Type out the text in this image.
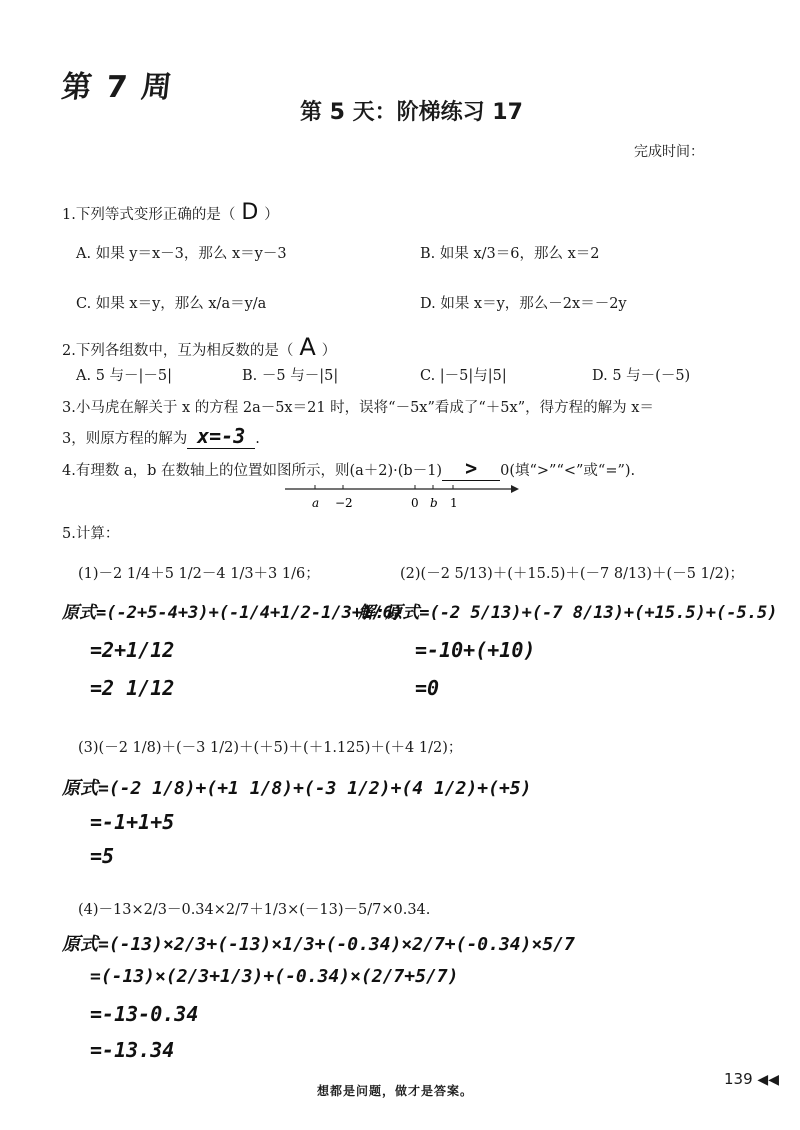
第 7 周
第 5 天：阶梯练习 17
完成时间：
1.下列等式变形正确的是（ D ）
A. 如果 y＝x－3，那么 x＝y－3	B. 如果 x/3＝6，那么 x＝2
C. 如果 x＝y，那么 x/a＝y/a	D. 如果 x＝y，那么－2x＝－2y
2.下列各组数中，互为相反数的是（ A ）
A. 5 与－|－5|	B. －5 与－|5|	C. |－5|与|5|	D. 5 与－(－5)
3.小马虎在解关于 x 的方程 2a－5x＝21 时，误将“－5x”看成了“＋5x”，得方程的解为 x＝
3，则原方程的解为 x=-3 .
4.有理数 a，b 在数轴上的位置如图所示，则(a＋2)·(b－1) > 0(填“>”“<”或“=”).
a −2	0 b 1
5.计算：
(1)－2 1/4＋5 1/2－4 1/3＋3 1/6；	(2)(－2 5/13)＋(＋15.5)＋(－7 8/13)＋(－5 1/2)；
原式=(-2+5-4+3)+(-1/4+1/2-1/3+1/6)
=2+1/12
=2 1/12
解:原式=(-2 5/13)+(-7 8/13)+(+15.5)+(-5.5)
=-10+(+10)
=0
(3)(－2 1/8)＋(－3 1/2)＋(＋5)＋(＋1.125)＋(＋4 1/2)；
原式=(-2 1/8)+(+1 1/8)+(-3 1/2)+(4 1/2)+(+5)
=-1+1+5
=5
(4)－13×2/3－0.34×2/7＋1/3×(－13)－5/7×0.34.
原式=(-13)×2/3+(-13)×1/3+(-0.34)×2/7+(-0.34)×5/7
=(-13)×(2/3+1/3)+(-0.34)×(2/7+5/7)
=-13-0.34
=-13.34
想都是问题，做才是答案。
139 ◀◀
